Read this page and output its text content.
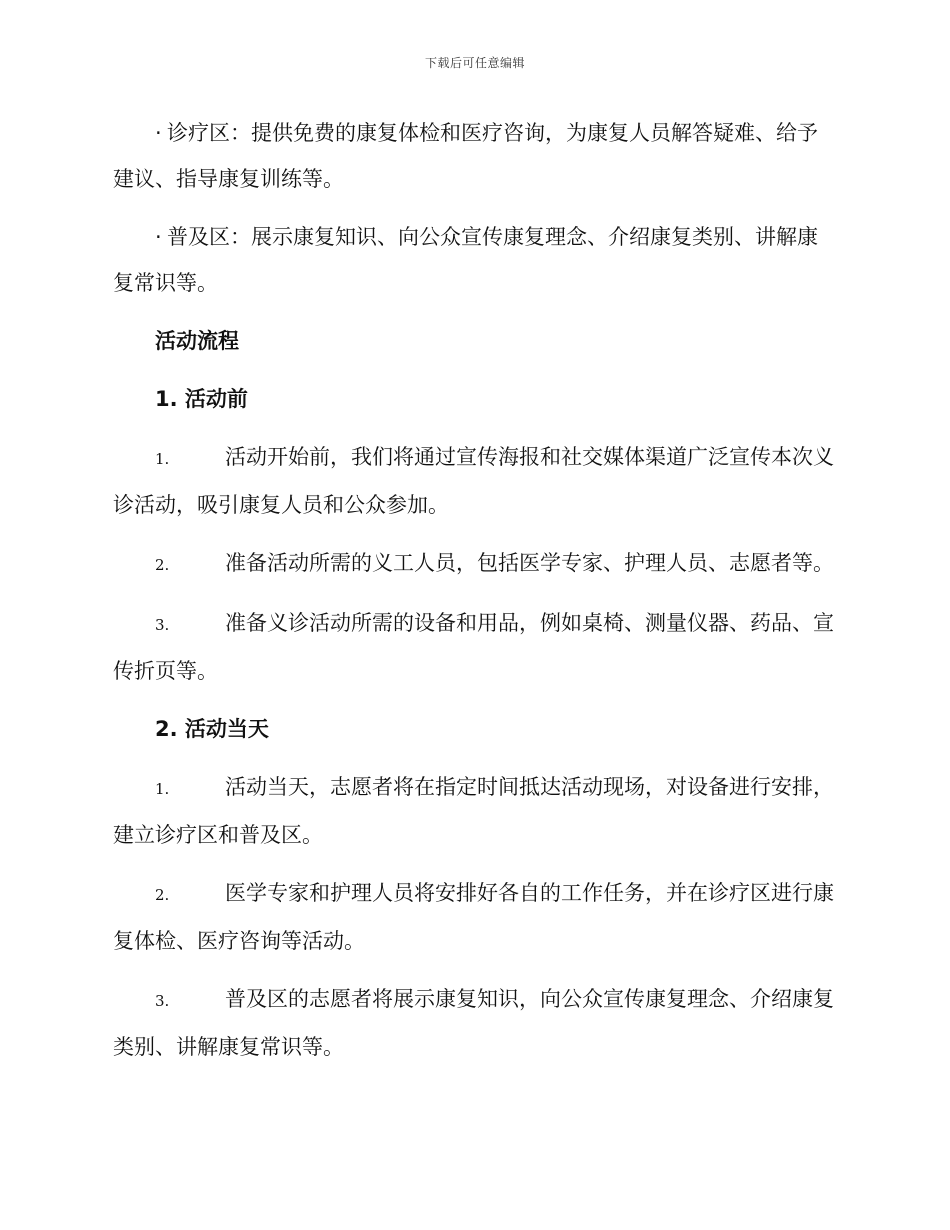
下载后可任意编辑

· 诊疗区：提供免费的康复体检和医疗咨询，为康复人员解答疑难、给予建议、指导康复训练等。

· 普及区：展示康复知识、向公众宣传康复理念、介绍康复类别、讲解康复常识等。

活动流程
1. 活动前

1.	活动开始前，我们将通过宣传海报和社交媒体渠道广泛宣传本次义诊活动，吸引康复人员和公众参加。

2.	准备活动所需的义工人员，包括医学专家、护理人员、志愿者等。

3.	准备义诊活动所需的设备和用品，例如桌椅、测量仪器、药品、宣传折页等。

2. 活动当天

1.	活动当天，志愿者将在指定时间抵达活动现场，对设备进行安排，建立诊疗区和普及区。

2.	医学专家和护理人员将安排好各自的工作任务，并在诊疗区进行康复体检、医疗咨询等活动。

3.	普及区的志愿者将展示康复知识，向公众宣传康复理念、介绍康复类别、讲解康复常识等。
